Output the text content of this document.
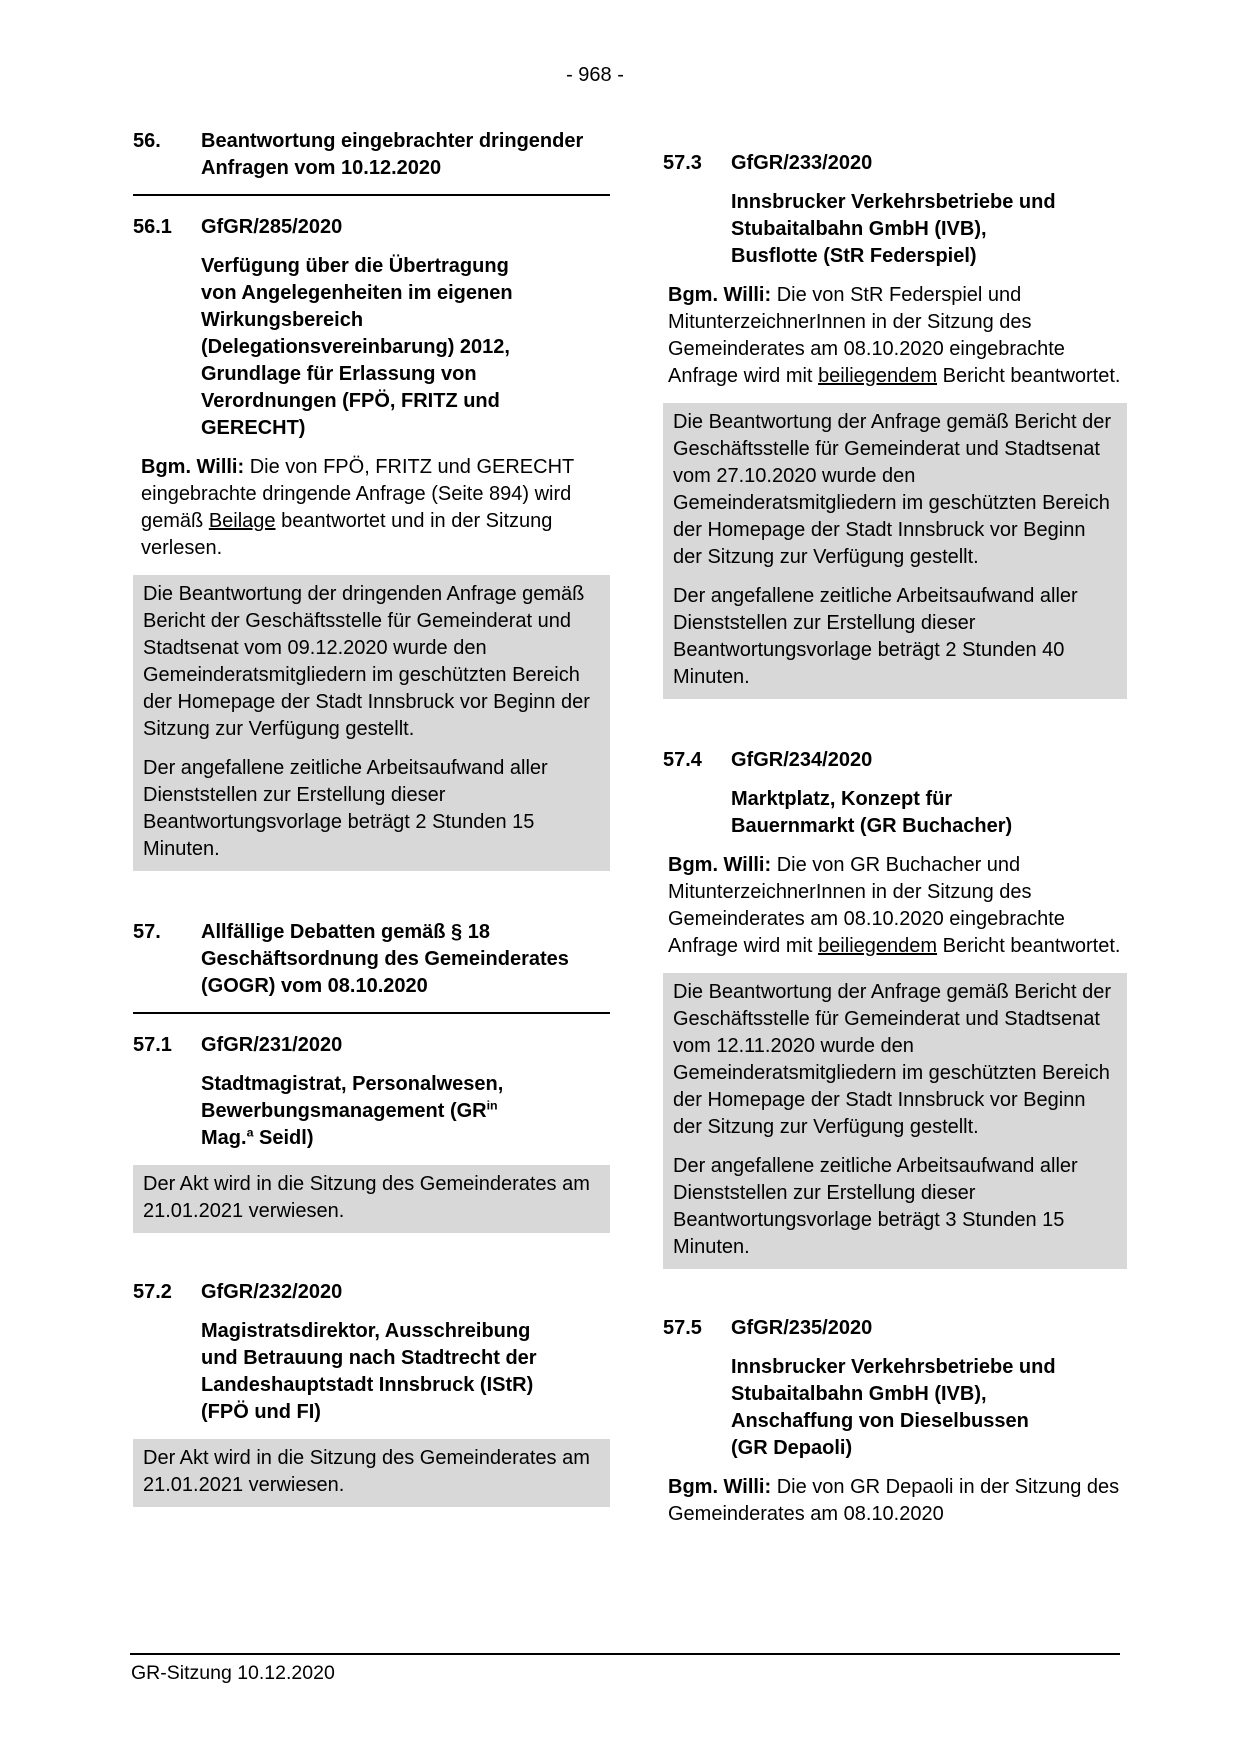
- 968 -
56.	Beantwortung eingebrachter dringender Anfragen vom 10.12.2020
56.1	GfGR/285/2020
Verfügung über die Übertragung von Angelegenheiten im eigenen Wirkungsbereich (Delegationsvereinbarung) 2012, Grundlage für Erlassung von Verordnungen (FPÖ, FRITZ und GERECHT)

Bgm. Willi: Die von FPÖ, FRITZ und GERECHT eingebrachte dringende Anfrage (Seite 894) wird gemäß Beilage beantwortet und in der Sitzung verlesen.

Die Beantwortung der dringenden Anfrage gemäß Bericht der Geschäftsstelle für Gemeinderat und Stadtsenat vom 09.12.2020 wurde den Gemeinderatsmitgliedern im geschützten Bereich der Homepage der Stadt Innsbruck vor Beginn der Sitzung zur Verfügung gestellt.

Der angefallene zeitliche Arbeitsaufwand aller Dienststellen zur Erstellung dieser Beantwortungsvorlage beträgt 2 Stunden 15 Minuten.

57.	Allfällige Debatten gemäß § 18 Geschäftsordnung des Gemeinderates (GOGR) vom 08.10.2020
57.1	GfGR/231/2020
Stadtmagistrat, Personalwesen, Bewerbungsmanagement ($GR^{in}$ Mag.$^a$ Seidl)

Der Akt wird in die Sitzung des Gemeinderates am 21.01.2021 verwiesen.

57.2	GfGR/232/2020
Magistratsdirektor, Ausschreibung und Betrauung nach Stadtrecht der Landeshauptstadt Innsbruck (IStR) (FPÖ und FI)

Der Akt wird in die Sitzung des Gemeinderates am 21.01.2021 verwiesen.

57.3	GfGR/233/2020
Innsbrucker Verkehrsbetriebe und Stubaitalbahn GmbH (IVB), Busflotte (StR Federspiel)

Bgm. Willi: Die von StR Federspiel und MitunterzeichnerInnen in der Sitzung des Gemeinderates am 08.10.2020 eingebrachte Anfrage wird mit beiliegendem Bericht beantwortet.

Die Beantwortung der Anfrage gemäß Bericht der Geschäftsstelle für Gemeinderat und Stadtsenat vom 27.10.2020 wurde den Gemeinderatsmitgliedern im geschützten Bereich der Homepage der Stadt Innsbruck vor Beginn der Sitzung zur Verfügung gestellt.

Der angefallene zeitliche Arbeitsaufwand aller Dienststellen zur Erstellung dieser Beantwortungsvorlage beträgt 2 Stunden 40 Minuten.

57.4	GfGR/234/2020
Marktplatz, Konzept für Bauernmarkt (GR Buchacher)

Bgm. Willi: Die von GR Buchacher und MitunterzeichnerInnen in der Sitzung des Gemeinderates am 08.10.2020 eingebrachte Anfrage wird mit beiliegendem Bericht beantwortet.

Die Beantwortung der Anfrage gemäß Bericht der Geschäftsstelle für Gemeinderat und Stadtsenat vom 12.11.2020 wurde den Gemeinderatsmitgliedern im geschützten Bereich der Homepage der Stadt Innsbruck vor Beginn der Sitzung zur Verfügung gestellt.

Der angefallene zeitliche Arbeitsaufwand aller Dienststellen zur Erstellung dieser Beantwortungsvorlage beträgt 3 Stunden 15 Minuten.

57.5	GfGR/235/2020
Innsbrucker Verkehrsbetriebe und Stubaitalbahn GmbH (IVB), Anschaffung von Dieselbussen (GR Depaoli)

Bgm. Willi: Die von GR Depaoli in der Sitzung des Gemeinderates am 08.10.2020

GR-Sitzung 10.12.2020
